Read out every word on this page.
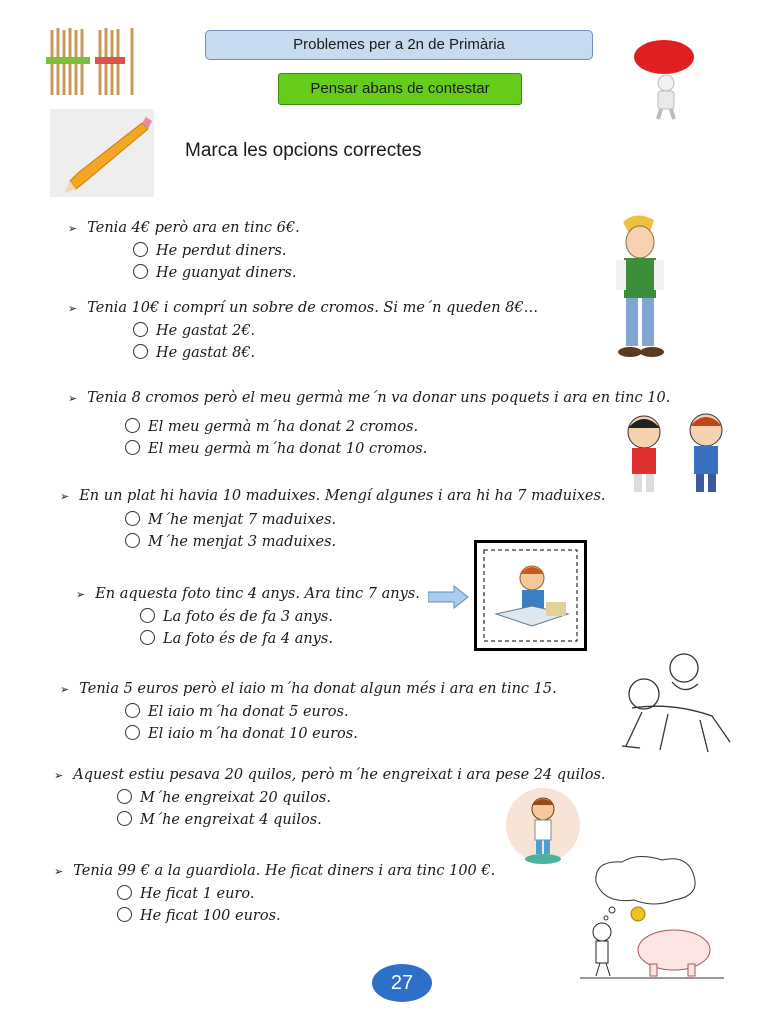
Problemes per a 2n de Primària
Pensar abans de contestar
Marca les opcions correctes
➢ Tenia 4€ però ara en tinc 6€.
He perdut diners.
He guanyat diners.
➢ Tenia 10€ i comprí un sobre de cromos. Si me´n queden 8€…
He gastat 2€.
He gastat 8€.
➢ Tenia 8 cromos però el meu germà me´n va donar uns poquets i ara en tinc 10.
El meu germà m´ha donat 2 cromos.
El meu germà m´ha donat 10 cromos.
➢ En un plat hi havia 10 maduixes. Mengí algunes i ara hi ha 7 maduixes.
M´he menjat 7 maduixes.
M´he menjat 3 maduixes.
➢ En aquesta foto tinc 4 anys. Ara tinc 7 anys.
La foto és de fa 3 anys.
La foto és de fa 4 anys.
➢ Tenia 5 euros però el iaio m´ha donat algun més i ara en tinc 15.
El iaio m´ha donat 5 euros.
El iaio m´ha donat 10 euros.
➢ Aquest estiu pesava 20 quilos, però m´he engreixat i ara pese 24 quilos.
M´he engreixat 20 quilos.
M´he engreixat 4 quilos.
➢ Tenia 99 € a la guardiola. He ficat diners i ara tinc 100 €.
He ficat 1 euro.
He ficat 100 euros.
27
